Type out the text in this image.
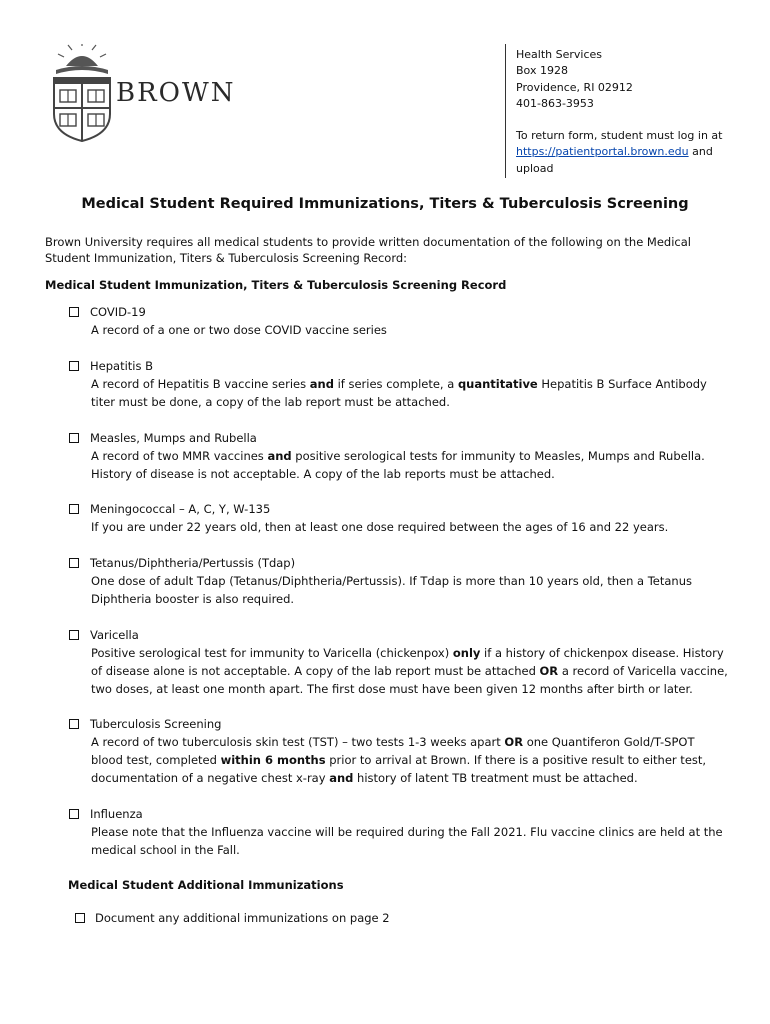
BROWN
Health Services
Box 1928
Providence, RI 02912
401-863-3953
To return form, student must log in at
https://patientportal.brown.edu and
upload
Medical Student Required Immunizations, Titers & Tuberculosis Screening
Brown University requires all medical students to provide written documentation of the following on the Medical Student Immunization, Titers & Tuberculosis Screening Record:
Medical Student Immunization, Titers & Tuberculosis Screening Record
COVID-19
A record of a one or two dose COVID vaccine series
Hepatitis B
A record of Hepatitis B vaccine series and if series complete, a quantitative Hepatitis B Surface Antibody titer must be done, a copy of the lab report must be attached.
Measles, Mumps and Rubella
A record of two MMR vaccines and positive serological tests for immunity to Measles, Mumps and Rubella. History of disease is not acceptable. A copy of the lab reports must be attached.
Meningococcal – A, C, Y, W-135
If you are under 22 years old, then at least one dose required between the ages of 16 and 22 years.
Tetanus/Diphtheria/Pertussis (Tdap)
One dose of adult Tdap (Tetanus/Diphtheria/Pertussis). If Tdap is more than 10 years old, then a Tetanus Diphtheria booster is also required.
Varicella
Positive serological test for immunity to Varicella (chickenpox) only if a history of chickenpox disease. History of disease alone is not acceptable. A copy of the lab report must be attached OR a record of Varicella vaccine, two doses, at least one month apart. The first dose must have been given 12 months after birth or later.
Tuberculosis Screening
A record of two tuberculosis skin test (TST) – two tests 1-3 weeks apart OR one Quantiferon Gold/T-SPOT blood test, completed within 6 months prior to arrival at Brown. If there is a positive result to either test, documentation of a negative chest x-ray and history of latent TB treatment must be attached.
Influenza
Please note that the Influenza vaccine will be required during the Fall 2021. Flu vaccine clinics are held at the medical school in the Fall.
Medical Student Additional Immunizations
Document any additional immunizations on page 2
